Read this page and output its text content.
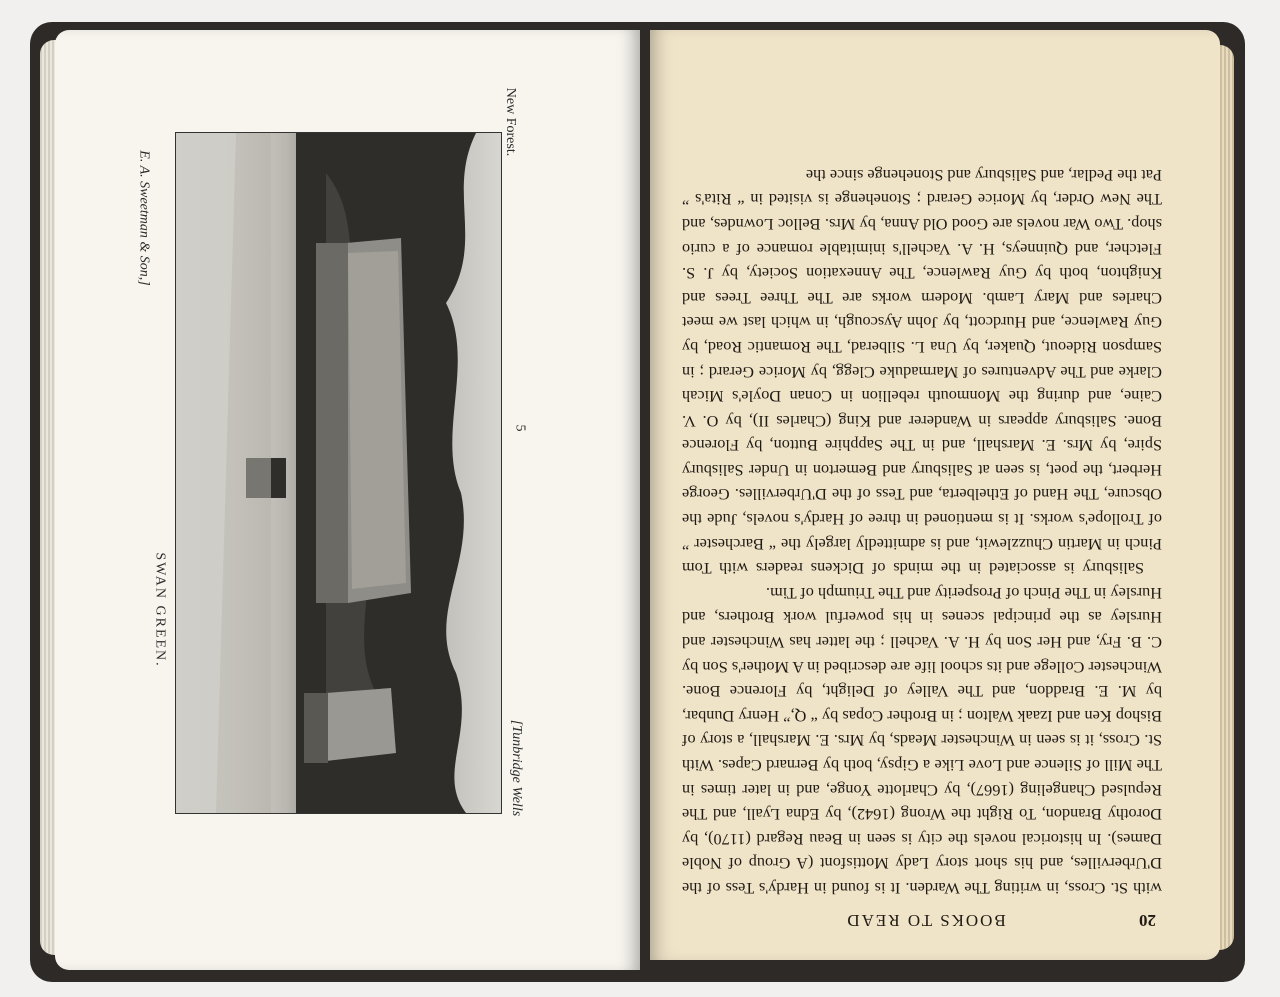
New Forest.
5
[Tunbridge Wells
E. A. Sweetman & Son,]
SWAN GREEN.
20
BOOKS TO READ

with St. Cross, in writing The Warden. It is found in Hardy's Tess of the D'Urbervilles, and his short story Lady Mottisfont (A Group of Noble Dames). In historical novels the city is seen in Beau Regard (1170), by Dorothy Brandon, To Right the Wrong (1642), by Edna Lyall, and The Repulsed Changeling (1667), by Charlotte Yonge, and in later times in The Mill of Silence and Love Like a Gipsy, both by Bernard Capes. With St. Cross, it is seen in Winchester Meads, by Mrs. E. Marshall, a story of Bishop Ken and Izaak Walton ; in Brother Copas by “ Q,” Henry Dunbar, by M. E. Braddon, and The Valley of Delight, by Florence Bone. Winchester College and its school life are described in A Mother's Son by C. B. Fry, and Her Son by H. A. Vachell ; the latter has Winchester and Hursley as the principal scenes in his powerful work Brothers, and Hursley in The Pinch of Prosperity and The Triumph of Tim.

Salisbury is associated in the minds of Dickens readers with Tom Pinch in Martin Chuzzlewit, and is admittedly largely the “ Barchester ” of Trollope's works. It is mentioned in three of Hardy's novels, Jude the Obscure, The Hand of Ethelberta, and Tess of the D'Urbervilles. George Herbert, the poet, is seen at Salisbury and Bemerton in Under Salisbury Spire, by Mrs. E. Marshall, and in The Sapphire Button, by Florence Bone. Salisbury appears in Wanderer and King (Charles II), by O. V. Caine, and during the Monmouth rebellion in Conan Doyle's Micah Clarke and The Adventures of Marmaduke Clegg, by Morice Gerard ; in Sampson Rideout, Quaker, by Una L. Silberad, The Romantic Road, by Guy Rawlence, and Hurdcott, by John Ayscough, in which last we meet Charles and Mary Lamb. Modern works are The Three Trees and Knighton, both by Guy Rawlence, The Annexation Society, by J. S. Fletcher, and Quinneys, H. A. Vachell's inimitable romance of a curio shop. Two War novels are Good Old Anna, by Mrs. Belloc Lowndes, and The New Order, by Morice Gerard ; Stonehenge is visited in “ Rita's ” Pat the Pedlar, and Salisbury and Stonehenge since the
